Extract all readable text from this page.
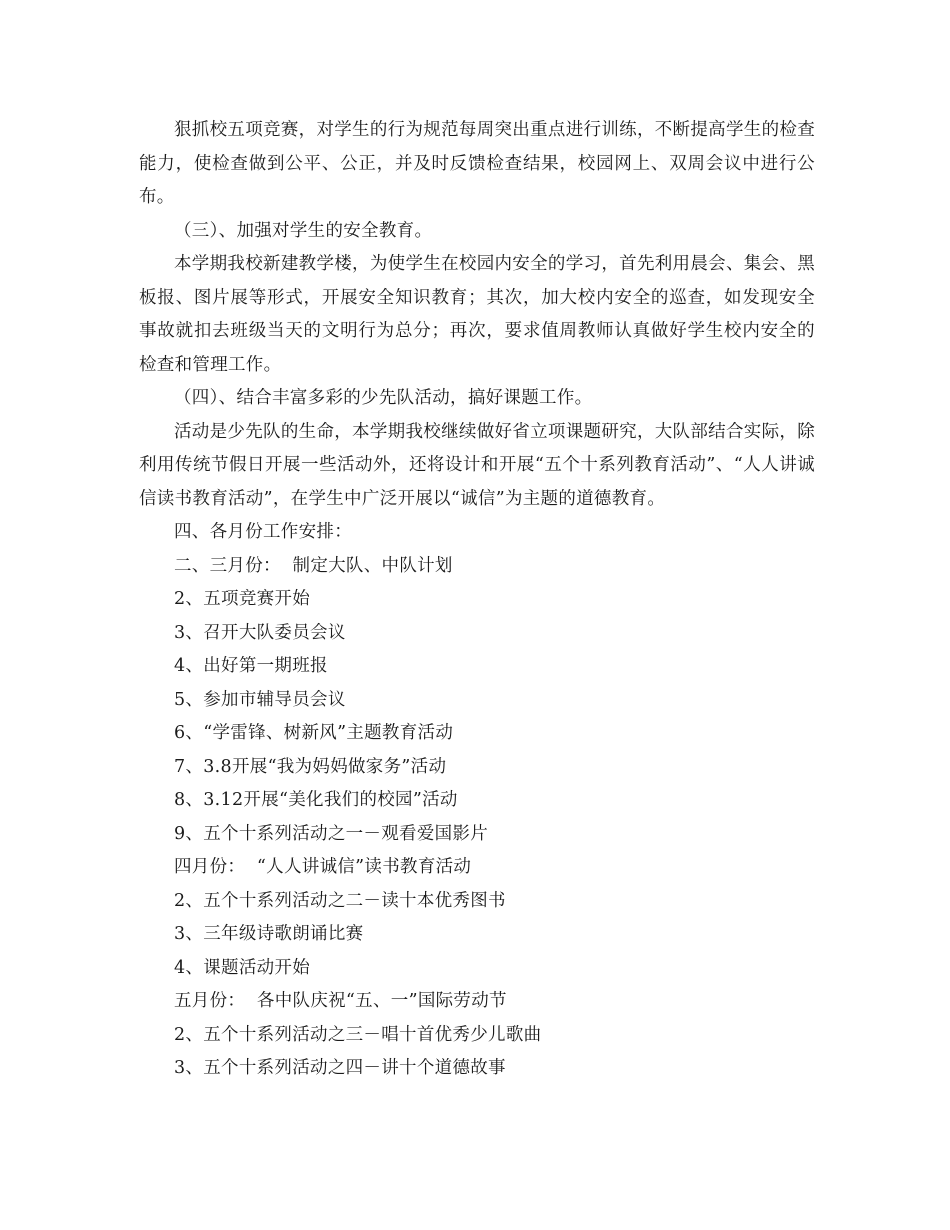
狠抓校五项竞赛，对学生的行为规范每周突出重点进行训练，不断提高学生的检查能力，使检查做到公平、公正，并及时反馈检查结果，校园网上、双周会议中进行公布。

（三）、加强对学生的安全教育。

本学期我校新建教学楼，为使学生在校园内安全的学习，首先利用晨会、集会、黑板报、图片展等形式，开展安全知识教育；其次，加大校内安全的巡查，如发现安全事故就扣去班级当天的文明行为总分；再次，要求值周教师认真做好学生校内安全的检查和管理工作。

（四）、结合丰富多彩的少先队活动，搞好课题工作。

活动是少先队的生命，本学期我校继续做好省立项课题研究，大队部结合实际，除利用传统节假日开展一些活动外，还将设计和开展“五个十系列教育活动”、“人人讲诚信读书教育活动”，在学生中广泛开展以“诚信”为主题的道德教育。

四、各月份工作安排：

二、三月份：  制定大队、中队计划

2、五项竞赛开始

3、召开大队委员会议

4、出好第一期班报

5、参加市辅导员会议

6、“学雷锋、树新风”主题教育活动

7、3.8开展“我为妈妈做家务”活动

8、3.12开展“美化我们的校园”活动

9、五个十系列活动之一－观看爱国影片

四月份：  “人人讲诚信”读书教育活动

2、五个十系列活动之二－读十本优秀图书

3、三年级诗歌朗诵比赛

4、课题活动开始

五月份：  各中队庆祝“五、一”国际劳动节

2、五个十系列活动之三－唱十首优秀少儿歌曲

3、五个十系列活动之四－讲十个道德故事
